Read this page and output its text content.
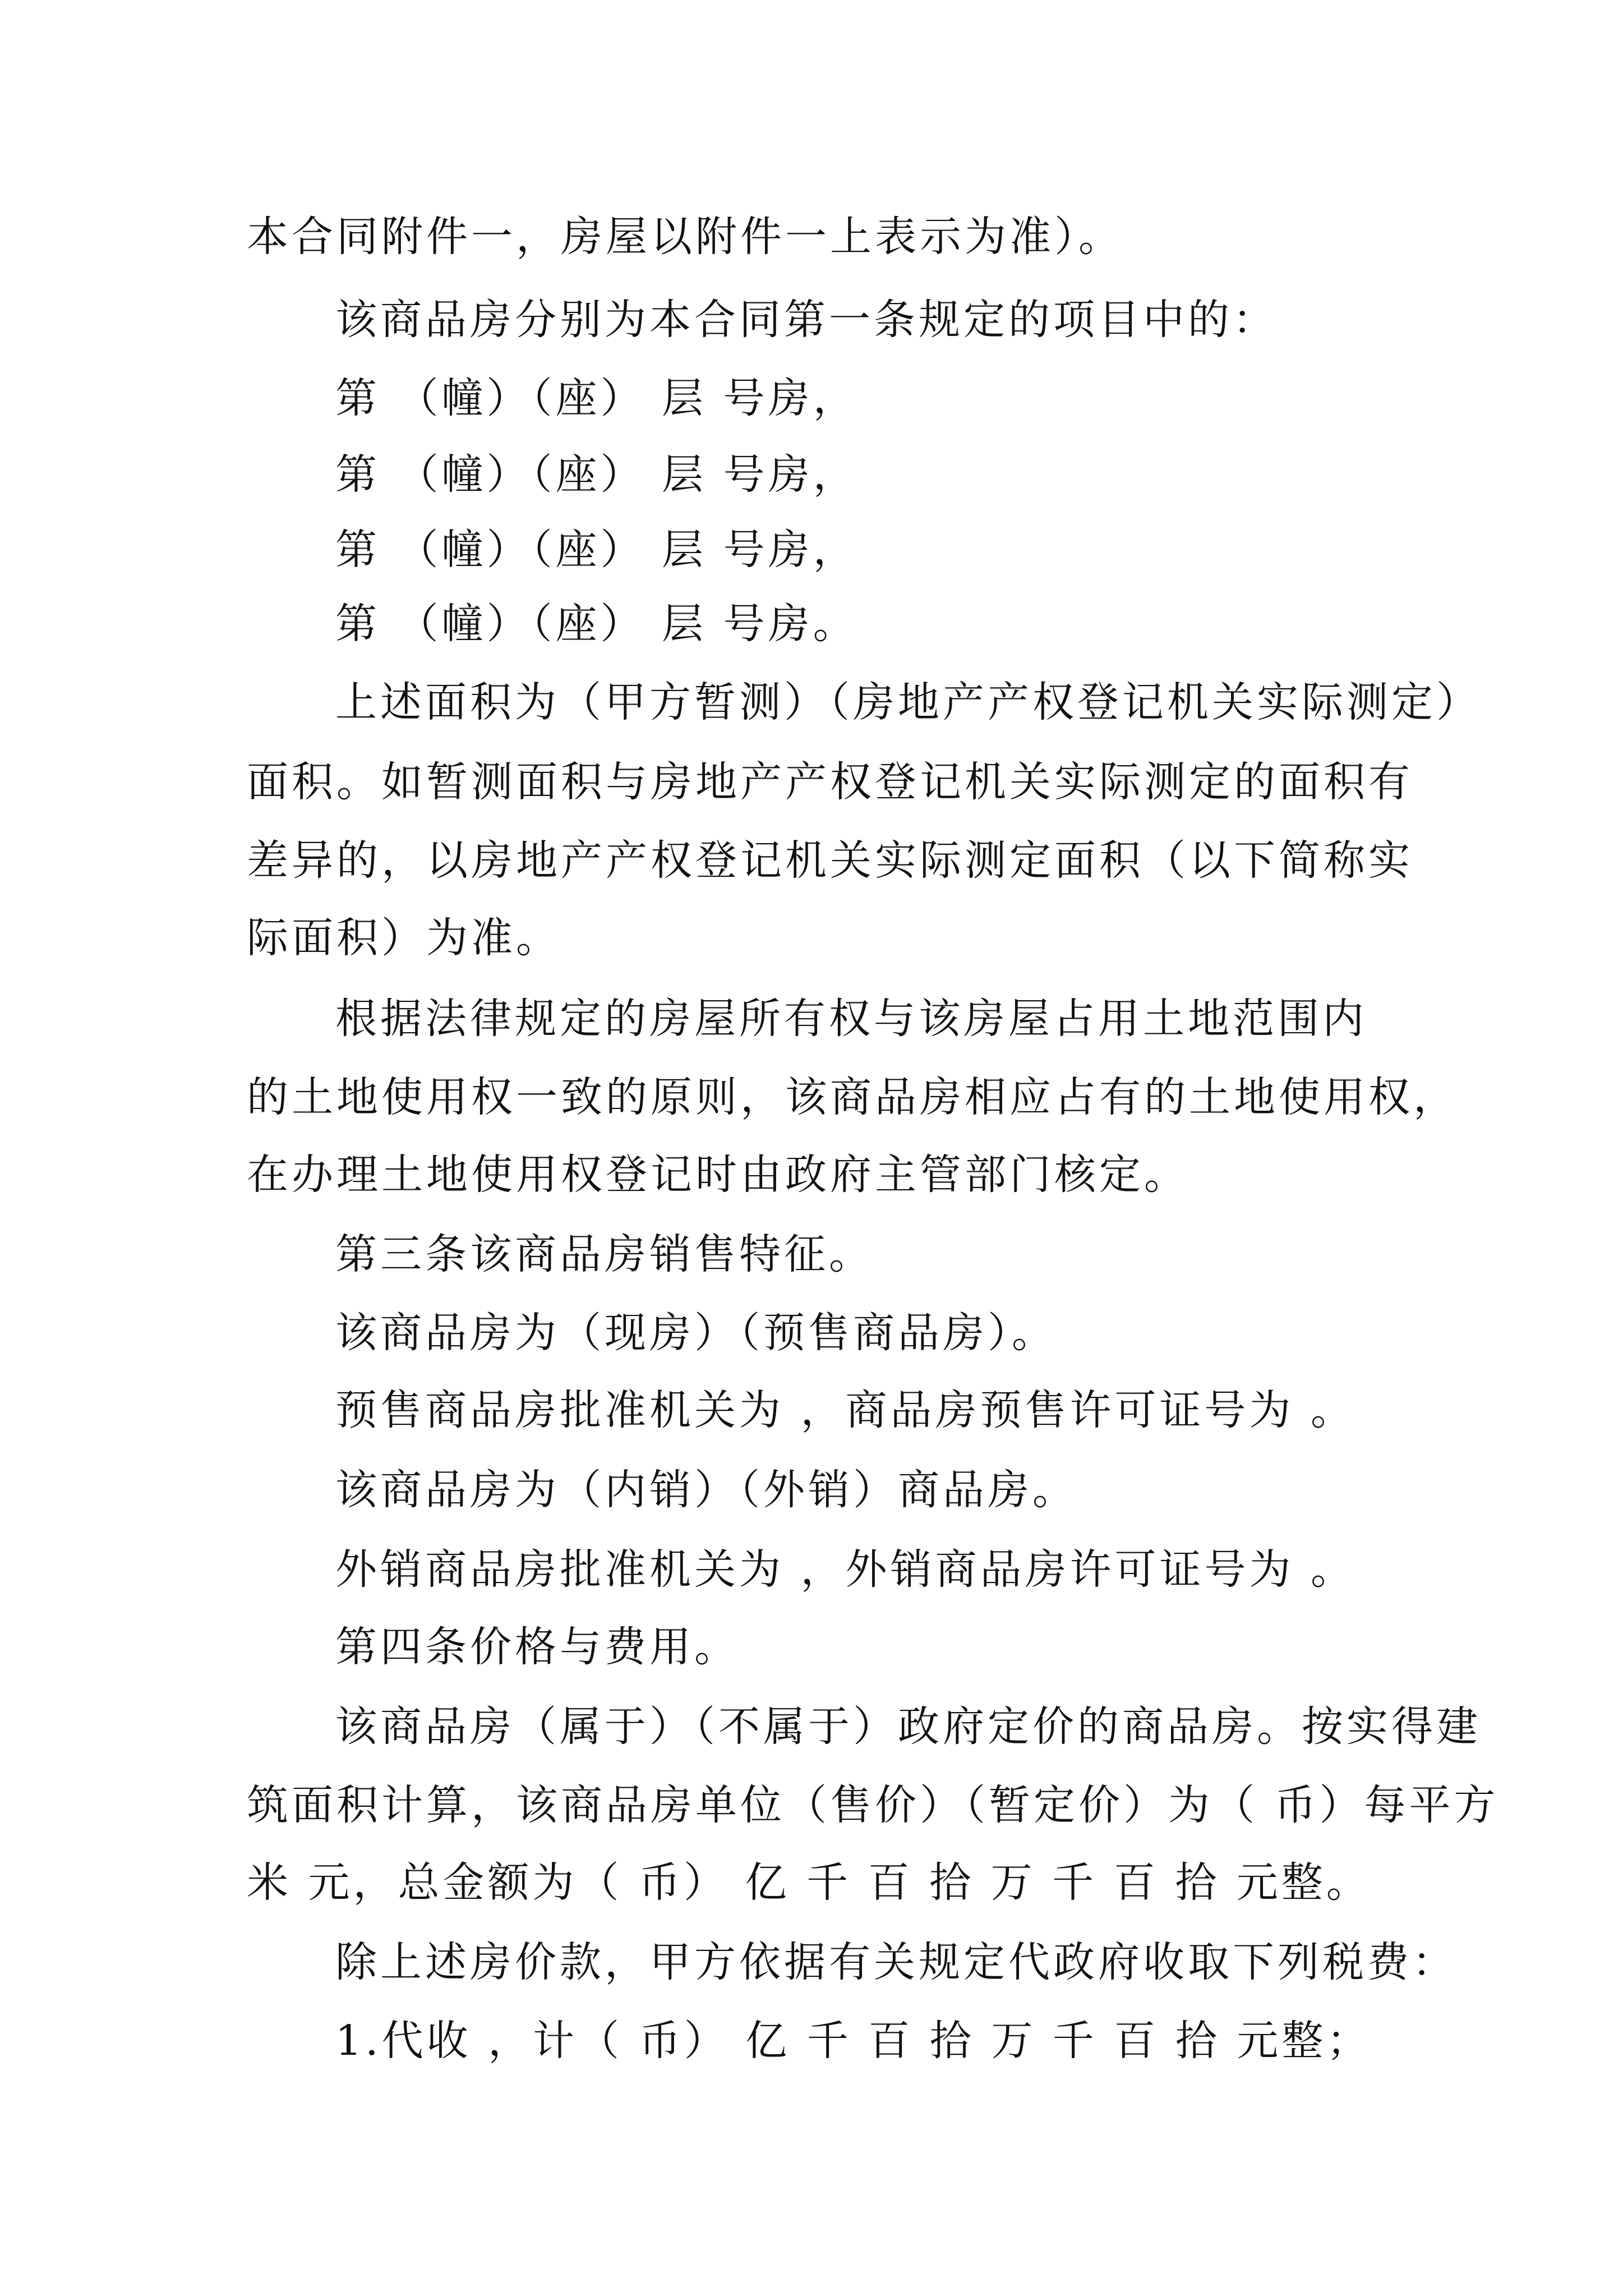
本合同附件一，房屋以附件一上表示为准）。
该商品房分别为本合同第一条规定的项目中的：
第 （幢）（座） 层 号房，
第 （幢）（座） 层 号房，
第 （幢）（座） 层 号房，
第 （幢）（座） 层 号房。
上述面积为（甲方暂测）（房地产产权登记机关实际测定）
面积。如暂测面积与房地产产权登记机关实际测定的面积有
差异的，以房地产产权登记机关实际测定面积（以下简称实
际面积）为准。
根据法律规定的房屋所有权与该房屋占用土地范围内
的土地使用权一致的原则，该商品房相应占有的土地使用权，
在办理土地使用权登记时由政府主管部门核定。
第三条该商品房销售特征。
该商品房为（现房）（预售商品房）。
预售商品房批准机关为 ，商品房预售许可证号为 。
该商品房为（内销）（外销）商品房。
外销商品房批准机关为 ，外销商品房许可证号为 。
第四条价格与费用。
该商品房（属于）（不属于）政府定价的商品房。按实得建
筑面积计算，该商品房单位（售价）（暂定价）为（ 币）每平方
米 元，总金额为（ 币） 亿 千 百 拾 万 千 百 拾 元整。
除上述房价款，甲方依据有关规定代政府收取下列税费：
1.代收 ，计（ 币） 亿 千 百 拾 万 千 百 拾 元整；
